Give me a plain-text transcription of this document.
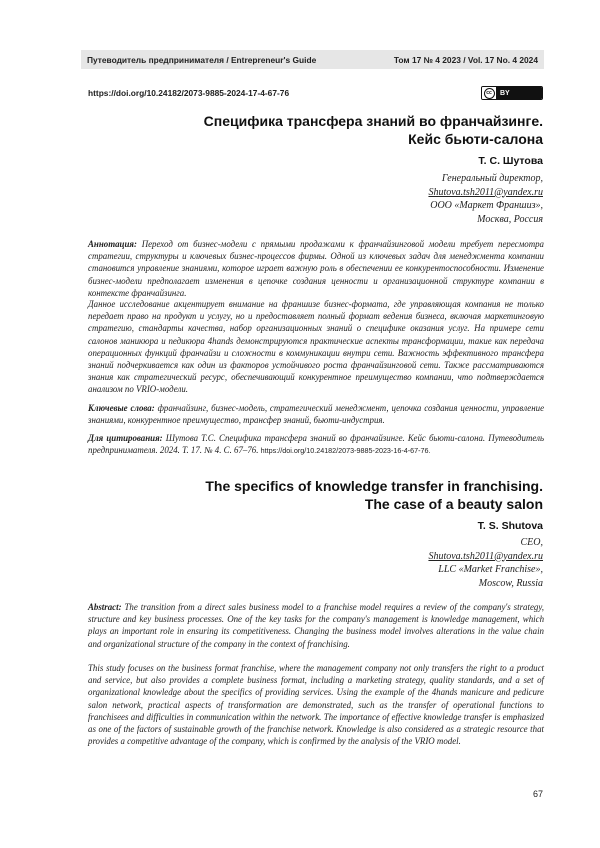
Путеводитель предпринимателя / Entrepreneur's Guide	Том 17 № 4 2023 / Vol. 17 No. 4 2024
https://doi.org/10.24182/2073-9885-2024-17-4-67-76	cc	BY
Специфика трансфера знаний во франчайзинге.
Кейс бьюти-салона
Т. С. Шутова
Генеральный директор,
Shutova.tsh2011@yandex.ru
ООО «Маркет Франшиз»,
Москва, Россия

Аннотация: Переход от бизнес-модели с прямыми продажами к франчайзинговой модели требует пересмотра стратегии, структуры и ключевых бизнес-процессов фирмы. Одной из ключевых задач для менеджмента компании становится управление знаниями, которое играет важную роль в обеспечении ее конкурентоспособности. Изменение бизнес-модели предполагает изменения в цепочке создания ценности и организационной структуре компании в контексте франчайзинга.

Данное исследование акцентирует внимание на франшизе бизнес-формата, где управляющая компания не только передает право на продукт и услугу, но и предоставляет полный формат ведения бизнеса, включая маркетинговую стратегию, стандарты качества, набор организационных знаний о специфике оказания услуг. На примере сети салонов маникюра и педикюра 4hands демонстрируются практические аспекты трансформации, такие как передача операционных функций франчайзи и сложности в коммуникации внутри сети. Важность эффективного трансфера знаний подчеркивается как один из факторов устойчивого роста франчайзинговой сети. Также рассматриваются знания как стратегический ресурс, обеспечивающий конкурентное преимущество компании, что подтверждается анализом по VRIO-модели.

Ключевые слова: франчайзинг, бизнес-модель, стратегический менеджмент, цепочка создания ценности, управление знаниями, конкурентное преимущество, трансфер знаний, бьюти-индустрия.

Для цитирования: Шутова Т.С. Специфика трансфера знаний во франчайзинге. Кейс бьюти-салона. Путеводитель предпринимателя. 2024. Т. 17. № 4. С. 67–76. https://doi.org/10.24182/2073-9885-2023-16-4-67-76.

The specifics of knowledge transfer in franchising.
The case of a beauty salon
T. S. Shutova
CEO,
Shutova.tsh2011@yandex.ru
LLC «Market Franchise»,
Moscow, Russia

Abstract: The transition from a direct sales business model to a franchise model requires a review of the company's strategy, structure and key business processes. One of the key tasks for the company's management is knowledge management, which plays an important role in ensuring its competitiveness. Changing the business model involves alterations in the value chain and organizational structure of the company in the context of franchising.

This study focuses on the business format franchise, where the management company not only transfers the right to a product and service, but also provides a complete business format, including a marketing strategy, quality standards, and a set of organizational knowledge about the specifics of providing services. Using the example of the 4hands manicure and pedicure salon network, practical aspects of transformation are demonstrated, such as the transfer of operational functions to franchisees and difficulties in communication within the network. The importance of effective knowledge transfer is emphasized as one of the factors of sustainable growth of the franchise network. Knowledge is also considered as a strategic resource that provides a competitive advantage of the company, which is confirmed by the analysis of the VRIO model.

67
